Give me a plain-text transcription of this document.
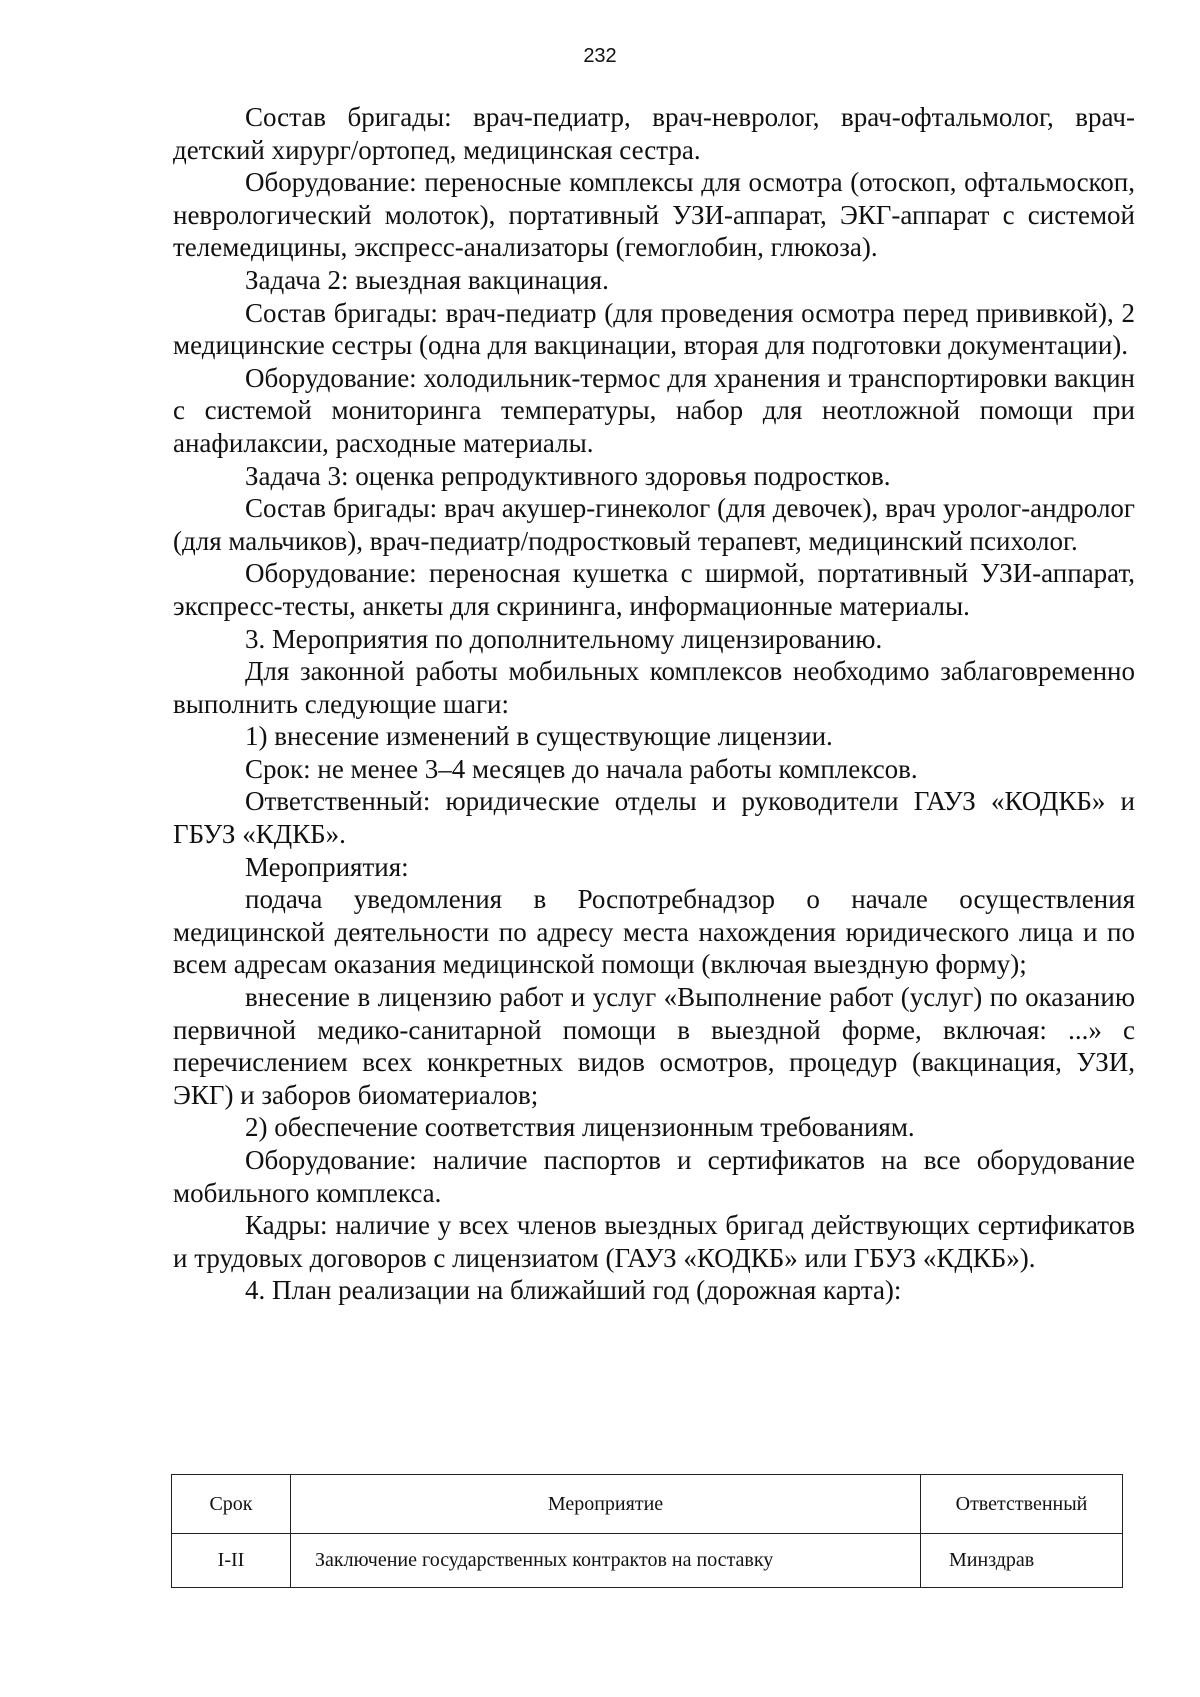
232

Состав бригады: врач-педиатр, врач-невролог, врач-офтальмолог, врач-детский хирург/ортопед, медицинская сестра.

Оборудование: переносные комплексы для осмотра (отоскоп, офтальмоскоп, неврологический молоток), портативный УЗИ-аппарат, ЭКГ-аппарат с системой телемедицины, экспресс-анализаторы (гемоглобин, глюкоза).

Задача 2: выездная вакцинация.

Состав бригады: врач-педиатр (для проведения осмотра перед прививкой), 2 медицинские сестры (одна для вакцинации, вторая для подготовки документации).

Оборудование: холодильник-термос для хранения и транспортировки вакцин с системой мониторинга температуры, набор для неотложной помощи при анафилаксии, расходные материалы.

Задача 3: оценка репродуктивного здоровья подростков.

Состав бригады: врач акушер-гинеколог (для девочек), врач уролог-андролог (для мальчиков), врач-педиатр/подростковый терапевт, медицинский психолог.

Оборудование: переносная кушетка с ширмой, портативный УЗИ-аппарат, экспресс-тесты, анкеты для скрининга, информационные материалы.

3. Мероприятия по дополнительному лицензированию.

Для законной работы мобильных комплексов необходимо заблаговременно выполнить следующие шаги:

1) внесение изменений в существующие лицензии.

Срок: не менее 3–4 месяцев до начала работы комплексов.

Ответственный: юридические отделы и руководители ГАУЗ «КОДКБ» и ГБУЗ «КДКБ».

Мероприятия:

подача уведомления в Роспотребнадзор о начале осуществления медицинской деятельности по адресу места нахождения юридического лица и по всем адресам оказания медицинской помощи (включая выездную форму);

внесение в лицензию работ и услуг «Выполнение работ (услуг) по оказанию первичной медико-санитарной помощи в выездной форме, включая: ...» с перечислением всех конкретных видов осмотров, процедур (вакцинация, УЗИ, ЭКГ) и заборов биоматериалов;

2) обеспечение соответствия лицензионным требованиям.

Оборудование: наличие паспортов и сертификатов на все оборудование мобильного комплекса.

Кадры: наличие у всех членов выездных бригад действующих сертификатов и трудовых договоров с лицензиатом (ГАУЗ «КОДКБ» или ГБУЗ «КДКБ»).

4. План реализации на ближайший год (дорожная карта):

Срок	Мероприятие	Ответственный
I-II	Заключение государственных контрактов на поставку	Минздрав
